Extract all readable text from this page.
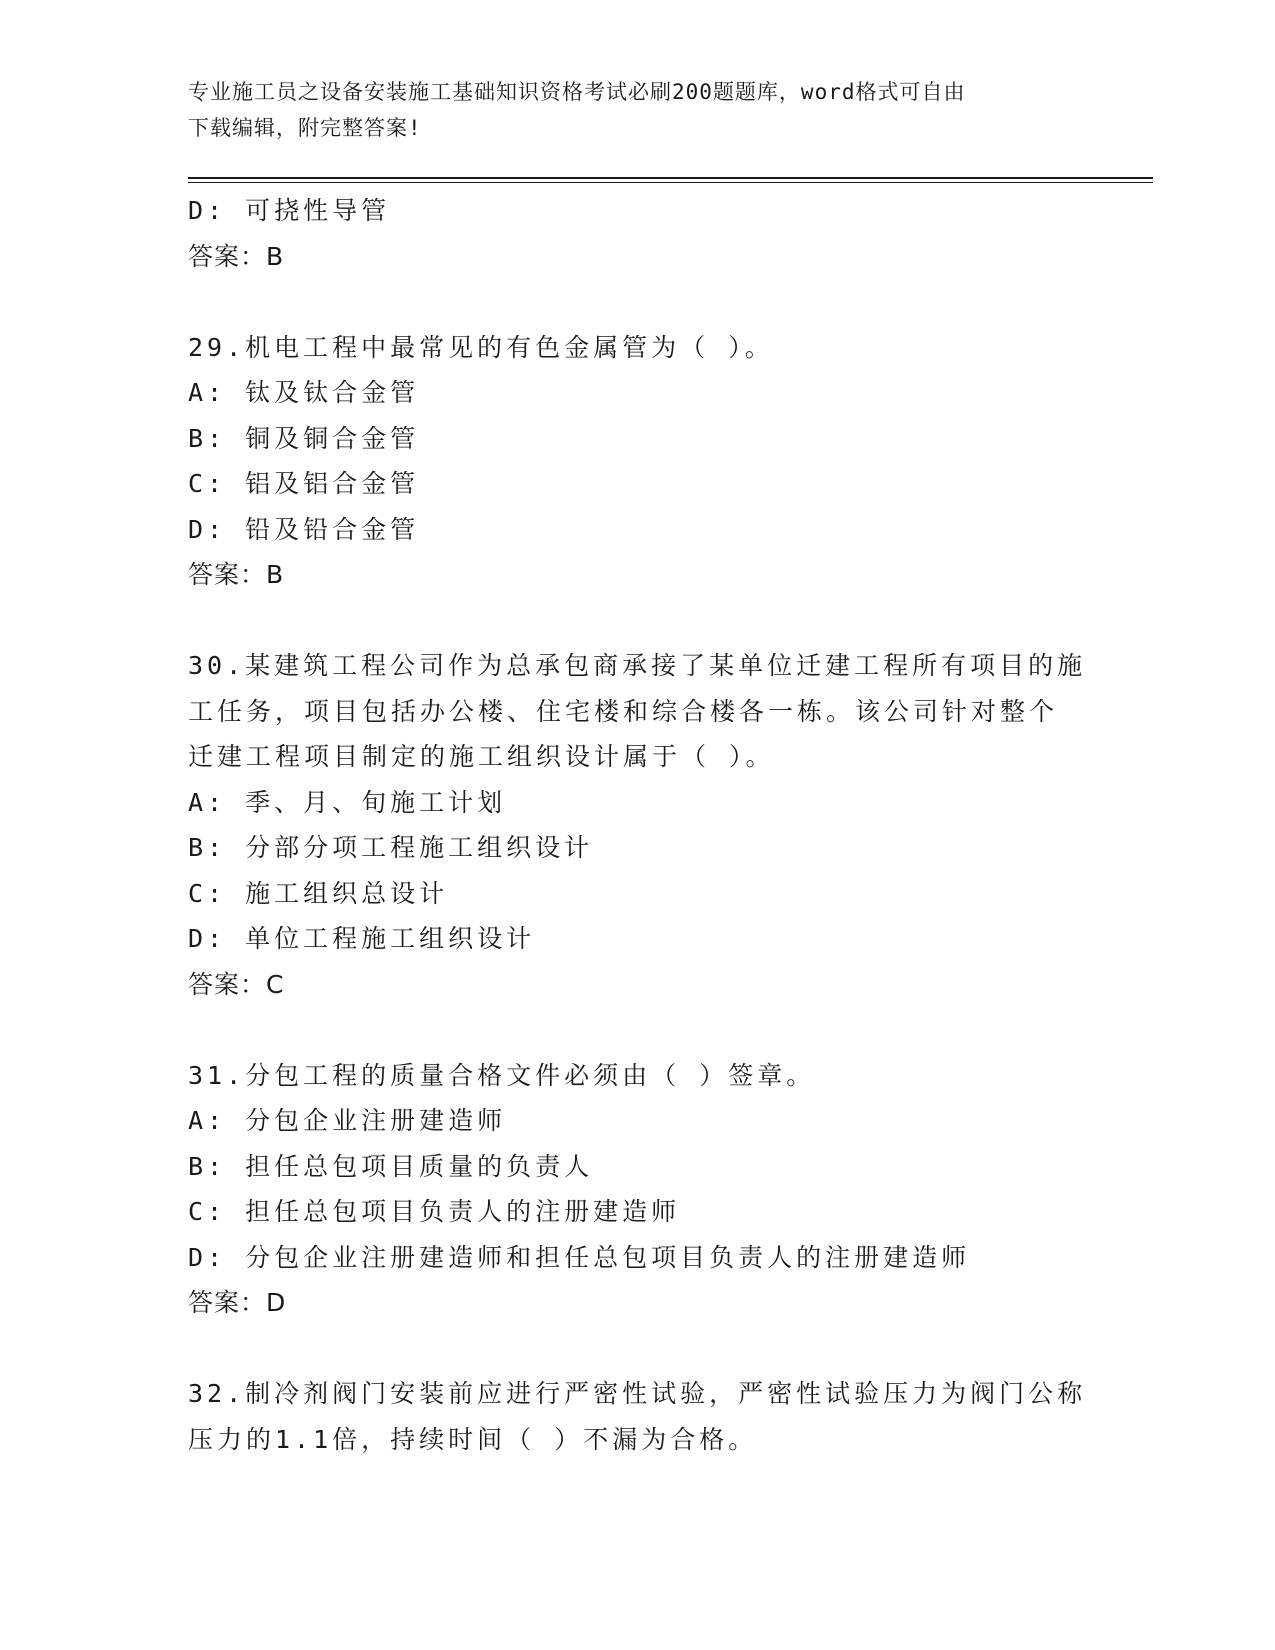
专业施工员之设备安装施工基础知识资格考试必刷200题题库，word格式可自由
下载编辑，附完整答案!
D: 可挠性导管
答案：B
29.机电工程中最常见的有色金属管为（ ）。
A: 钛及钛合金管
B: 铜及铜合金管
C: 铝及铝合金管
D: 铅及铅合金管
答案：B
30.某建筑工程公司作为总承包商承接了某单位迁建工程所有项目的施
工任务，项目包括办公楼、住宅楼和综合楼各一栋。该公司针对整个
迁建工程项目制定的施工组织设计属于（ ）。
A: 季、月、旬施工计划
B: 分部分项工程施工组织设计
C: 施工组织总设计
D: 单位工程施工组织设计
答案：C
31.分包工程的质量合格文件必须由（ ）签章。
A: 分包企业注册建造师
B: 担任总包项目质量的负责人
C: 担任总包项目负责人的注册建造师
D: 分包企业注册建造师和担任总包项目负责人的注册建造师
答案：D
32.制冷剂阀门安装前应进行严密性试验，严密性试验压力为阀门公称
压力的1.1倍，持续时间（ ）不漏为合格。
